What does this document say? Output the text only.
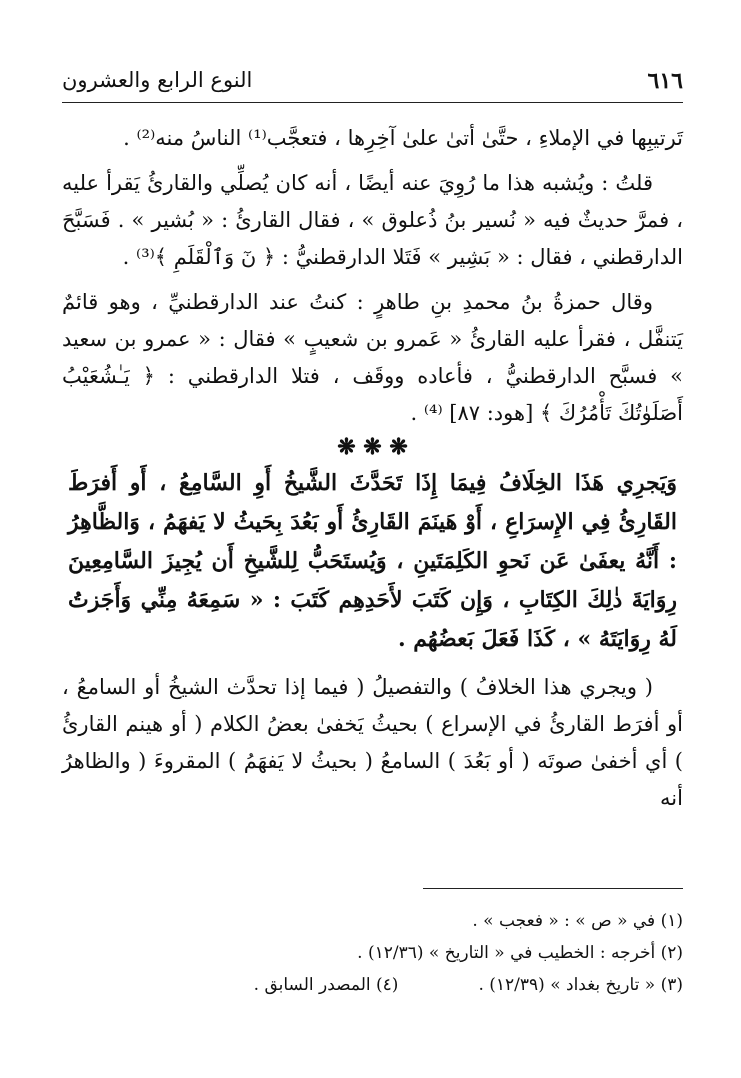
النوع الرابع والعشرون	٦١٦

تَرتيبِها في الإملاءِ ، حتَّىٰ أتىٰ علىٰ آخِرِها ، فتعجَّب⁽¹⁾ الناسُ منه⁽²⁾ .

قلتُ : ويُشبه هذا ما رُوِيَ عنه أيضًا ، أنه كان يُصلِّي والقارئُ يَقرأ عليه ، فمرَّ حديثٌ فيه « نُسير بنُ ذُعلوق » ، فقال القارئُ : « بُشير » . فَسَبَّحَ الدارقطني ، فقال : « بَشِير » فَتَلا الدارقطنيُّ : ﴿ نٓ وَٱلْقَلَمِ ﴾⁽³⁾ .

وقال حمزةُ بنُ محمدِ بنِ طاهرٍ : كنتُ عند الدارقطنيِّ ، وهو قائمٌ يَتنفَّل ، فقرأ عليه القارئُ « عَمرو بن شعيبٍ » فقال : « عمرو بن سعيد » فسبَّح الدارقطنيُّ ، فأعاده ووقَف ، فتلا الدارقطني : ﴿ يَـٰشُعَيْبُ أَصَلَوٰتُكَ تَأْمُرُكَ ﴾ [هود: ٨٧] ⁽⁴⁾ .

❋ ❋ ❋

وَيَجرِي هَذَا الخِلَافُ فِيمَا إِذَا تَحَدَّثَ الشَّيخُ أَوِ السَّامِعُ ، أَو أَفرَطَ القَارِئُ فِي الإِسرَاعِ ، أَوْ هَينَمَ القَارِئُ أَو بَعُدَ بِحَيثُ لا يَفهَمُ ، وَالظَّاهِرُ : أَنَّهُ يعفَىٰ عَن نَحوِ الكَلِمَتَينِ ، وَيُستَحَبُّ لِلشَّيخِ أَن يُجِيزَ السَّامِعِينَ رِوَايَةَ ذٰلِكَ الكِتَابِ ، وَإِن كَتَبَ لأَحَدِهِم كَتَبَ : « سَمِعَهُ مِنِّي وَأَجَزتُ لَهُ رِوَايَتَهُ » ، كَذَا فَعَلَ بَعضُهُم .

( ويجري هذا الخلافُ ) والتفصيلُ ( فيما إذا تحدَّث الشيخُ أو السامعُ ، أو أفرَط القارئُ في الإسراع ) بحيثُ يَخفىٰ بعضُ الكلام ( أو هينم القارئُ ) أي أخفىٰ صوتَه ( أو بَعُدَ ) السامعُ ( بحيثُ لا يَفهَمُ ) المقروءَ ( والظاهرُ أنه

(١) في « ص » : « فعجب » .
(٢) أخرجه : الخطيب في « التاريخ » (١٢/٣٦) .
(٣) « تاريخ بغداد » (١٢/٣٩) .
(٤) المصدر السابق .
